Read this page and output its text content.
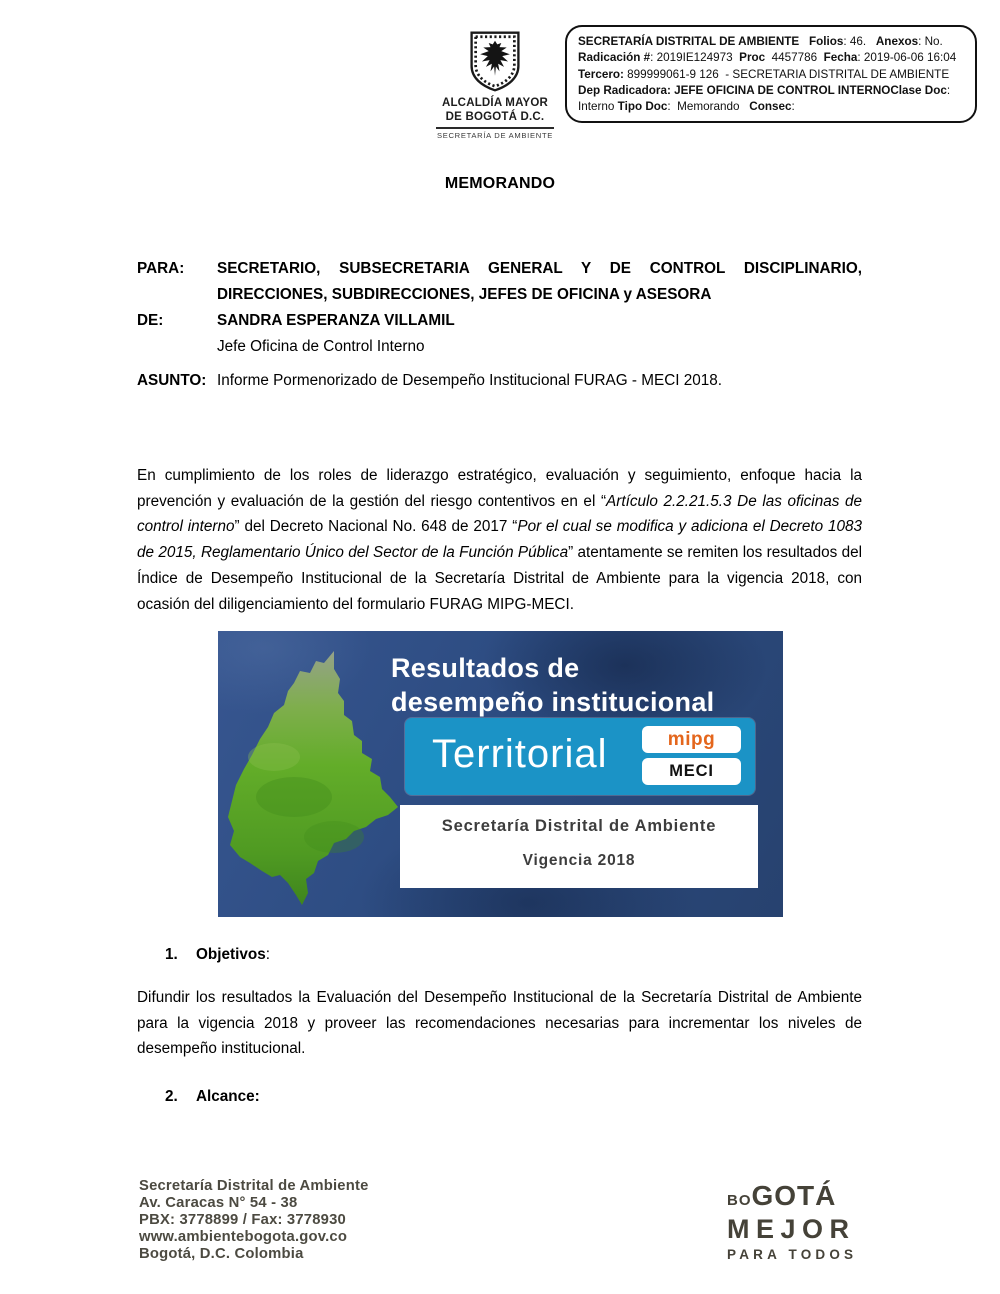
ALCALDÍA MAYOR
DE BOGOTÁ D.C.
SECRETARÍA DE AMBIENTE
SECRETARÍA DISTRITAL DE AMBIENTE Folios: 46.   Anexos: No.
Radicación #: 2019IE124973  Proc  4457786  Fecha: 2019-06-06 16:04
Tercero: 899999061-9 126  - SECRETARIA DISTRITAL DE AMBIENTE
Dep Radicadora: JEFE OFICINA DE CONTROL INTERNOClase Doc:
Interno Tipo Doc:  Memorando   Consec:
MEMORANDO
PARA:	SECRETARIO, SUBSECRETARIA GENERAL Y DE CONTROL DISCIPLINARIO, DIRECCIONES, SUBDIRECCIONES, JEFES DE OFICINA y ASESORA
DE:	SANDRA ESPERANZA VILLAMIL
Jefe Oficina de Control Interno
ASUNTO: Informe Pormenorizado de Desempeño Institucional FURAG - MECI 2018.

En cumplimiento de los roles de liderazgo estratégico, evaluación y seguimiento, enfoque hacia la prevención y evaluación de la gestión del riesgo contentivos en el “Artículo 2.2.21.5.3 De las oficinas de control interno” del Decreto Nacional No. 648 de 2017 “Por el cual se modifica y adiciona el Decreto 1083 de 2015, Reglamentario Único del Sector de la Función Pública” atentamente se remiten los resultados del Índice de Desempeño Institucional de la Secretaría Distrital de Ambiente para la vigencia 2018, con ocasión del diligenciamiento del formulario FURAG MIPG-MECI.

Resultados de
desempeño institucional
Territorial	mipg
MECI
Secretaría Distrital de Ambiente
Vigencia 2018
1. Objetivos:

Difundir los resultados la Evaluación del Desempeño Institucional de la Secretaría Distrital de Ambiente para la vigencia 2018 y proveer las recomendaciones necesarias para incrementar los niveles de desempeño institucional.

2. Alcance:
Secretaría Distrital de Ambiente
Av. Caracas N° 54 - 38
PBX: 3778899 / Fax: 3778930
www.ambientebogota.gov.co
Bogotá, D.C. Colombia
BOGOTÁ
MEJOR
PARA TODOS
